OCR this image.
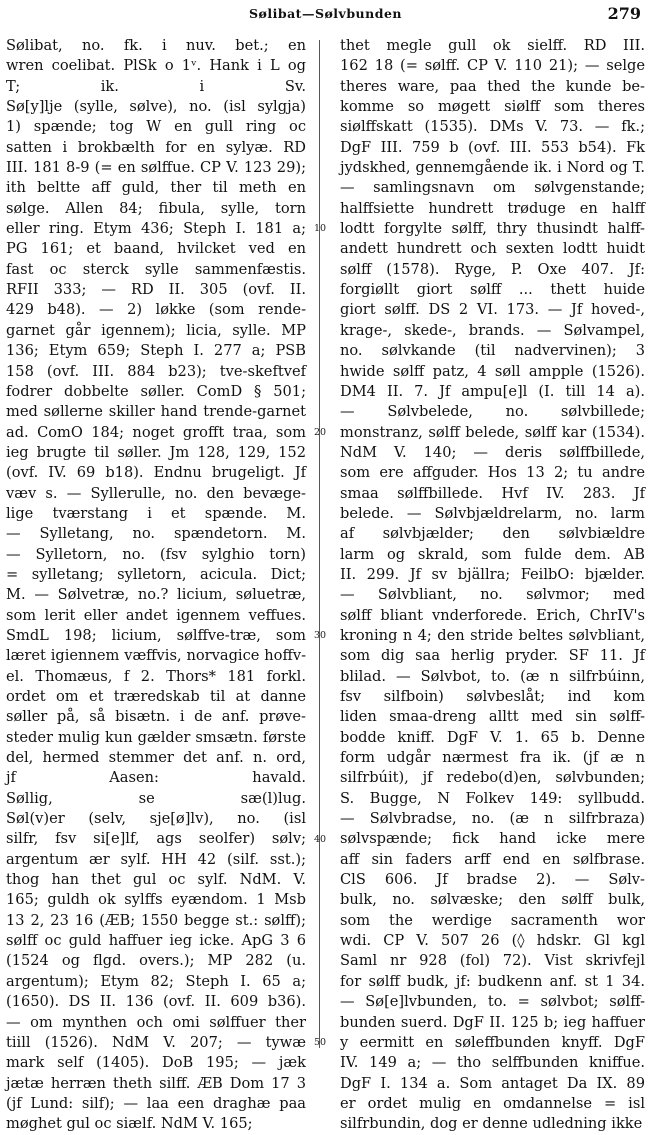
Sølibat—Sølvbunden	279
Sølibat, no. fk. i nuv. bet.; en
wren coelibat. PlSk o 1ᵛ. Hank i L og
T; ik. i Sv.
Sø[y]lje (sylle, sølve), no. (isl sylgja)
1) spænde; tog W en gull ring oc
satten i brokbælth for en sylyæ. RD
III. 181 8-9 (= en sølffue. CP V. 123 29);
ith beltte aff guld, ther til meth en
sølge. Allen 84; fibula, sylle, torn
eller ring. Etym 436; Steph I. 181 a;
PG 161; et baand, hvilcket ved en
fast oc sterck sylle sammenfæstis.
RFII 333; — RD II. 305 (ovf. II.
429 b48). — 2) løkke (som rende-
garnet går igennem); licia, sylle. MP
136; Etym 659; Steph I. 277 a; PSB
158 (ovf. III. 884 b23); tve-skeftvef
fodrer dobbelte søller. ComD § 501;
med søllerne skiller hand trende-garnet
ad. ComO 184; noget grofft traa, som
ieg brugte til søller. Jm 128, 129, 152
(ovf. IV. 69 b18). Endnu brugeligt. Jf
væv s. — Syllerulle, no. den bevæge-
lige tværstang i et spænde. M.
— Sylletang, no. spændetorn. M.
— Sylletorn, no. (fsv sylghio torn)
= sylletang; sylletorn, acicula. Dict;
M. — Sølvetræ, no.? licium, søluetræ,
som lerit eller andet igennem veffues.
SmdL 198; licium, sølffve-træ, som
læret igiennem væffvis, norvagice hoffv-
el. Thomæus, f 2. Thors* 181 forkl.
ordet om et træredskab til at danne
søller på, så bisætn. i de anf. prøve-
steder mulig kun gælder smsætn. første
del, hermed stemmer det anf. n. ord,
jf Aasen: havald.
Søllig, se sæ(l)lug.
Søl(v)er (selv, sje[ø]lv), no. (isl
silfr, fsv si[e]lf, ags seolfer) sølv;
argentum ær sylf. HH 42 (silf. sst.);
thog han thet gul oc sylf. NdM. V.
165; guldh ok sylffs eyændom. 1 Msb
13 2, 23 16 (ÆB; 1550 begge st.: sølff);
sølff oc guld haffuer ieg icke. ApG 3 6
(1524 og flgd. overs.); MP 282 (u.
argentum); Etym 82; Steph I. 65 a;
(1650). DS II. 136 (ovf. II. 609 b36).
— om mynthen och omi sølffuer ther
tiill (1526). NdM V. 207; — tywæ
mark self (1405). DoB 195; — jæk
jætæ herræn theth silff. ÆB Dom 17 3
(jf Lund: silf); — laa een draghæ paa
møghet gul oc siælf. NdM V. 165;
10
20
30
40
50
thet megle gull ok sielff. RD III.
162 18 (= sølff. CP V. 110 21); — selge
theres ware, paa thed the kunde be-
komme so møgett siølff som theres
siølffskatt (1535). DMs V. 73. — fk.;
DgF III. 759 b (ovf. III. 553 b54). Fk
jydskhed, gennemgående ik. i Nord og T.
— samlingsnavn om sølvgenstande;
halffsiette hundrett trøduge en halff
lodtt forgylte sølff, thry thusindt halff-
andett hundrett och sexten lodtt huidt
sølff (1578). Ryge, P. Oxe 407. Jf:
forgiøllt giort sølff ... thett huide
giort sølff. DS 2 VI. 173. — Jf hoved-,
krage-, skede-, brands. — Sølvampel,
no. sølvkande (til nadvervinen); 3
hwide sølff patz, 4 søll ampple (1526).
DM4 II. 7. Jf ampu[e]l (I. till 14 a).
— Sølvbelede, no. sølvbillede;
monstranz, sølff belede, sølff kar (1534).
NdM V. 140; — deris sølffbillede,
som ere affguder. Hos 13 2; tu andre
smaa sølffbillede. Hvf IV. 283. Jf
belede. — Sølvbjældrelarm, no. larm
af sølvbjælder; den sølvbiældre
larm og skrald, som fulde dem. AB
II. 299. Jf sv bjällra; FeilbO: bjælder.
— Sølvbliant, no. sølvmor; med
sølff bliant vnderforede. Erich, ChrIV's
kroning n 4; den stride beltes sølvbliant,
som dig saa herlig pryder. SF 11. Jf
blilad. — Sølvbot, to. (æ n silfrbúinn,
fsv silfboin) sølvbeslåt; ind kom
liden smaa-dreng alltt med sin sølff-
bodde kniff. DgF V. 1. 65 b. Denne
form udgår nærmest fra ik. (jf æ n
silfrbúit), jf redebo(d)en, sølvbunden;
S. Bugge, N Folkev 149: syllbudd.
— Sølvbradse, no. (æ n silfrbraza)
sølvspænde; fick hand icke mere
aff sin faders arff end en sølfbrase.
ClS 606. Jf bradse 2). — Sølv-
bulk, no. sølvæske; den sølff bulk,
som the werdige sacramenth wor
wdi. CP V. 507 26 (◊ hdskr. Gl kgl
Saml nr 928 (fol) 72). Vist skrivfejl
for sølff budk, jf: budkenn anf. st 1 34.
— Sø[e]lvbunden, to. = sølvbot; sølff-
bunden suerd. DgF II. 125 b; ieg haffuer
y eermitt en søleffbunden knyff. DgF
IV. 149 a; — tho selffbunden kniffue.
DgF I. 134 a. Som antaget Da IX. 89
er ordet mulig en omdannelse = isl
silfrbundin, dog er denne udledning ikke
